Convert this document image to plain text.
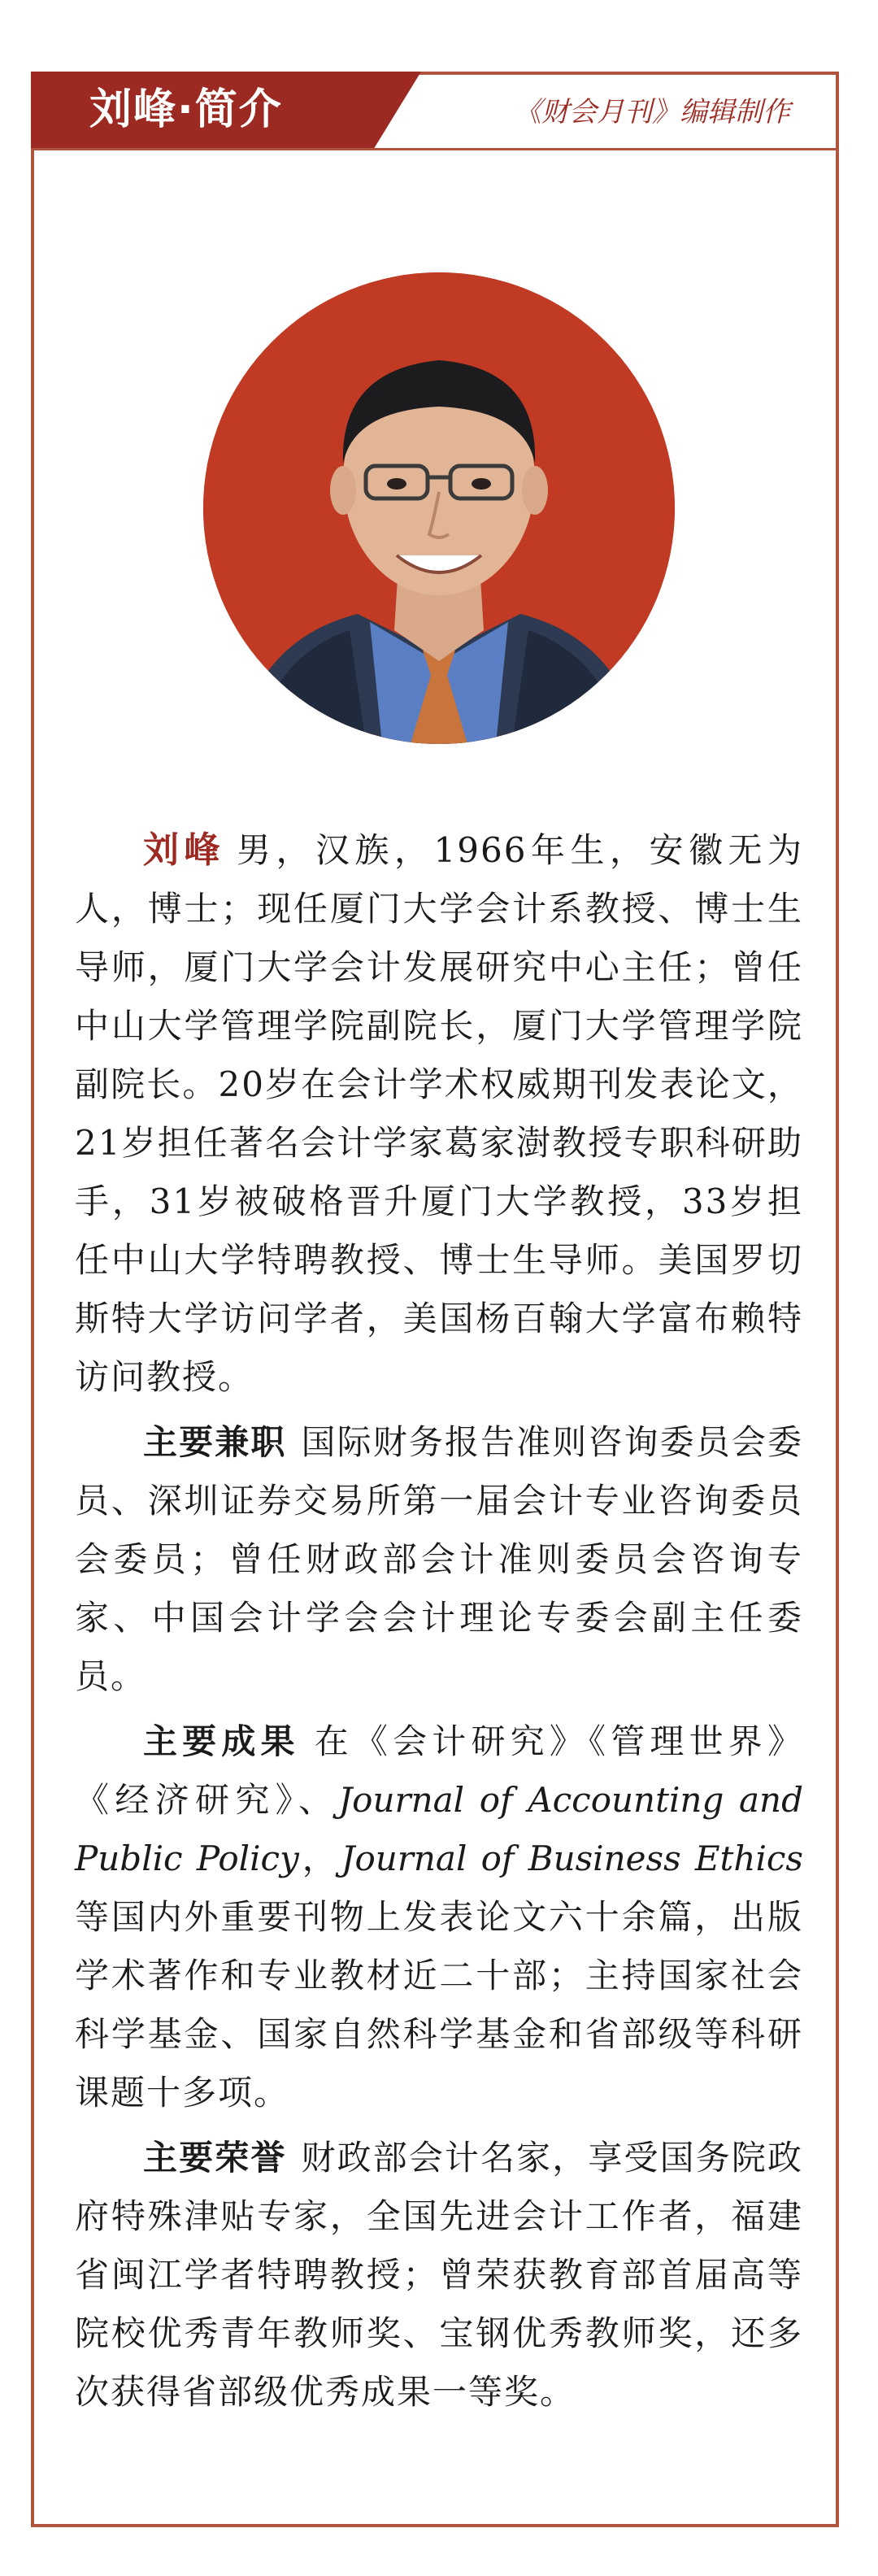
刘峰·简介	《财会月刊》编辑制作

刘峰 男，汉族，1966年生，安徽无为人，博士；现任厦门大学会计系教授、博士生导师，厦门大学会计发展研究中心主任；曾任中山大学管理学院副院长，厦门大学管理学院副院长。20岁在会计学术权威期刊发表论文，21岁担任著名会计学家葛家澍教授专职科研助手，31岁被破格晋升厦门大学教授，33岁担任中山大学特聘教授、博士生导师。美国罗切斯特大学访问学者，美国杨百翰大学富布赖特访问教授。

主要兼职 国际财务报告准则咨询委员会委员、深圳证券交易所第一届会计专业咨询委员会委员；曾任财政部会计准则委员会咨询专家、中国会计学会会计理论专委会副主任委员。

主要成果 在《会计研究》《管理世界》《经济研究》、Journal of Accounting and Public Policy，Journal of Business Ethics等国内外重要刊物上发表论文六十余篇，出版学术著作和专业教材近二十部；主持国家社会科学基金、国家自然科学基金和省部级等科研课题十多项。

主要荣誉 财政部会计名家，享受国务院政府特殊津贴专家，全国先进会计工作者，福建省闽江学者特聘教授；曾荣获教育部首届高等院校优秀青年教师奖、宝钢优秀教师奖，还多次获得省部级优秀成果一等奖。
